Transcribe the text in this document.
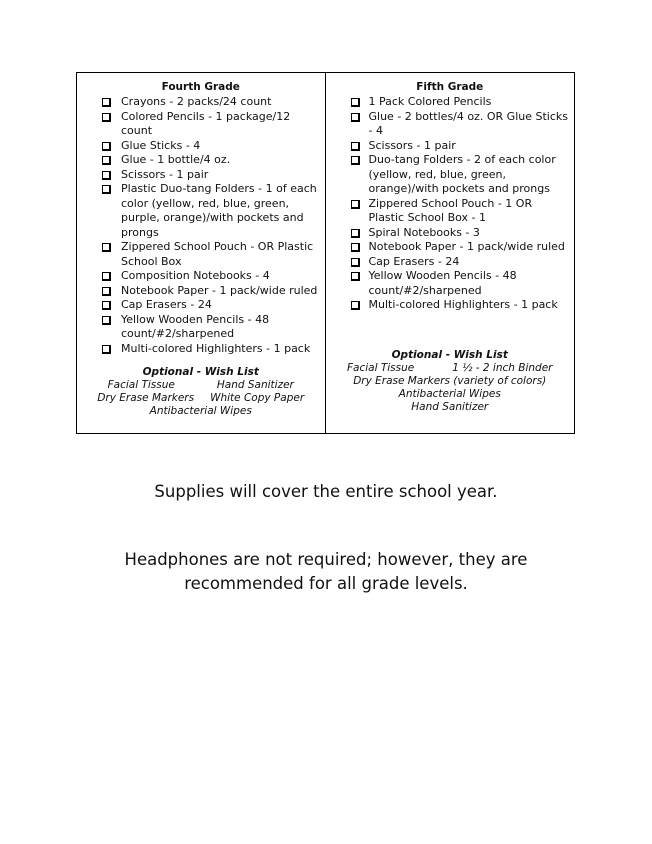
Fourth Grade
Crayons - 2 packs/24 count
Colored Pencils - 1 package/12 count
Glue Sticks - 4
Glue - 1 bottle/4 oz.
Scissors - 1 pair
Plastic Duo-tang Folders - 1 of each color (yellow, red, blue, green, purple, orange)/with pockets and prongs
Zippered School Pouch - OR Plastic School Box
Composition Notebooks - 4
Notebook Paper - 1 pack/wide ruled
Cap Erasers - 24
Yellow Wooden Pencils - 48 count/#2/sharpened
Multi-colored Highlighters - 1 pack
Optional - Wish List
Facial Tissue	Hand Sanitizer
Dry Erase Markers White Copy Paper
Antibacterial Wipes
Fifth Grade
1 Pack Colored Pencils
Glue - 2 bottles/4 oz. OR Glue Sticks - 4
Scissors - 1 pair
Duo-tang Folders - 2 of each color (yellow, red, blue, green, orange)/with pockets and prongs
Zippered School Pouch - 1 OR Plastic School Box - 1
Spiral Notebooks - 3
Notebook Paper - 1 pack/wide ruled
Cap Erasers - 24
Yellow Wooden Pencils - 48 count/#2/sharpened
Multi-colored Highlighters - 1 pack
Optional - Wish List
Facial Tissue	1 ½ - 2 inch Binder
Dry Erase Markers (variety of colors)
Antibacterial Wipes
Hand Sanitizer
Supplies will cover the entire school year.
Headphones are not required; however, they are
recommended for all grade levels.
